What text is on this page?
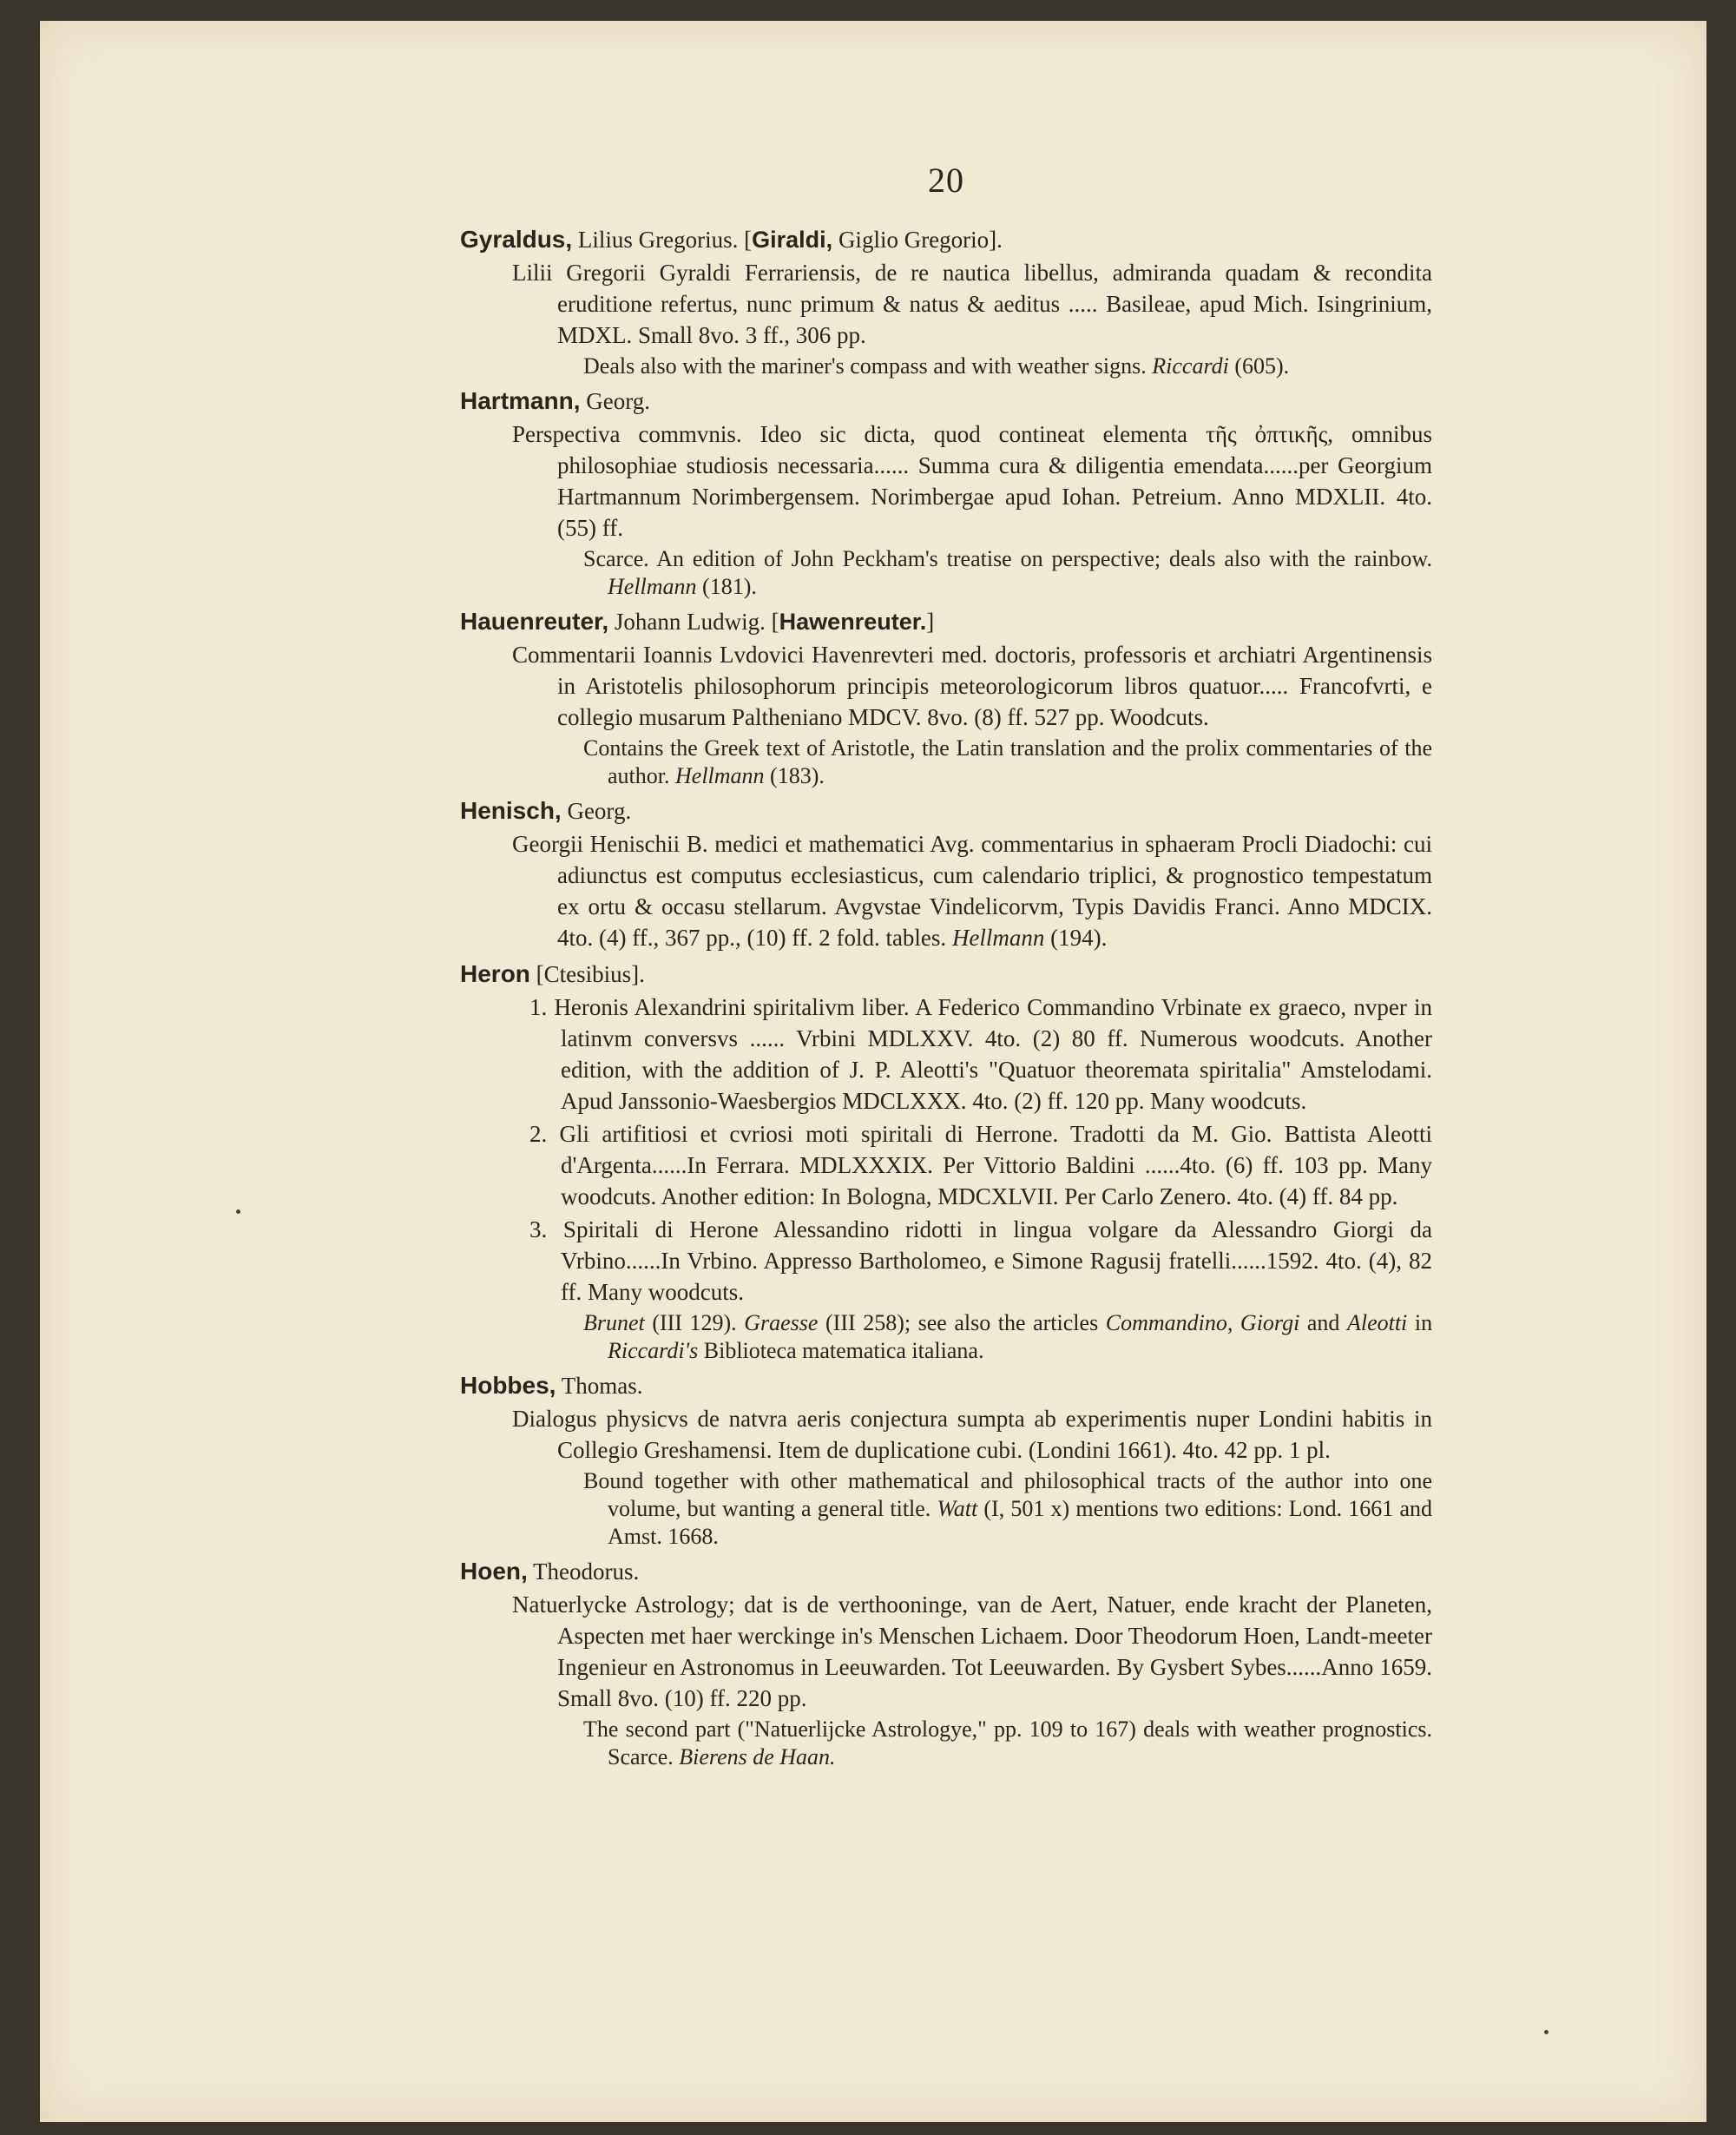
20

Gyraldus, Lilius Gregorius. [Giraldi, Giglio Gregorio].

Lilii Gregorii Gyraldi Ferrariensis, de re nautica libellus, admiranda quadam & recondita eruditione refertus, nunc primum & natus & aeditus ..... Basileae, apud Mich. Isingrinium, MDXL. Small 8vo. 3 ff., 306 pp.

Deals also with the mariner's compass and with weather signs. Riccardi (605).

Hartmann, Georg.

Perspectiva commvnis. Ideo sic dicta, quod contineat elementa τῆς ὀπτικῆς, omnibus philosophiae studiosis necessaria...... Summa cura & diligentia emendata......per Georgium Hartmannum Norimbergensem. Norimbergae apud Iohan. Petreium. Anno MDXLII. 4to. (55) ff.

Scarce. An edition of John Peckham's treatise on perspective; deals also with the rainbow. Hellmann (181).

Hauenreuter, Johann Ludwig. [Hawenreuter.]

Commentarii Ioannis Lvdovici Havenrevteri med. doctoris, professoris et archiatri Argentinensis in Aristotelis philosophorum principis meteorologicorum libros quatuor..... Francofvrti, e collegio musarum Paltheniano MDCV. 8vo. (8) ff. 527 pp. Woodcuts.

Contains the Greek text of Aristotle, the Latin translation and the prolix commentaries of the author. Hellmann (183).

Henisch, Georg.

Georgii Henischii B. medici et mathematici Avg. commentarius in sphaeram Procli Diadochi: cui adiunctus est computus ecclesiasticus, cum calendario triplici, & prognostico tempestatum ex ortu & occasu stellarum. Avgvstae Vindelicorvm, Typis Davidis Franci. Anno MDCIX. 4to. (4) ff., 367 pp., (10) ff. 2 fold. tables. Hellmann (194).

Heron [Ctesibius].

1. Heronis Alexandrini spiritalivm liber. A Federico Commandino Vrbinate ex graeco, nvper in latinvm conversvs ...... Vrbini MDLXXV. 4to. (2) 80 ff. Numerous woodcuts. Another edition, with the addition of J. P. Aleotti's "Quatuor theoremata spiritalia" Amstelodami. Apud Janssonio-Waesbergios MDCLXXX. 4to. (2) ff. 120 pp. Many woodcuts.

2. Gli artifitiosi et cvriosi moti spiritali di Herrone. Tradotti da M. Gio. Battista Aleotti d'Argenta......In Ferrara. MDLXXXIX. Per Vittorio Baldini ......4to. (6) ff. 103 pp. Many woodcuts. Another edition: In Bologna, MDCXLVII. Per Carlo Zenero. 4to. (4) ff. 84 pp.

3. Spiritali di Herone Alessandino ridotti in lingua volgare da Alessandro Giorgi da Vrbino......In Vrbino. Appresso Bartholomeo, e Simone Ragusij fratelli......1592. 4to. (4), 82 ff. Many woodcuts.

Brunet (III 129). Graesse (III 258); see also the articles Commandino, Giorgi and Aleotti in Riccardi's Biblioteca matematica italiana.

Hobbes, Thomas.

Dialogus physicvs de natvra aeris conjectura sumpta ab experimentis nuper Londini habitis in Collegio Greshamensi. Item de duplicatione cubi. (Londini 1661). 4to. 42 pp. 1 pl.

Bound together with other mathematical and philosophical tracts of the author into one volume, but wanting a general title. Watt (I, 501 x) mentions two editions: Lond. 1661 and Amst. 1668.

Hoen, Theodorus.

Natuerlycke Astrology; dat is de verthooninge, van de Aert, Natuer, ende kracht der Planeten, Aspecten met haer werckinge in's Menschen Lichaem. Door Theodorum Hoen, Landt-meeter Ingenieur en Astronomus in Leeuwarden. Tot Leeuwarden. By Gysbert Sybes......Anno 1659. Small 8vo. (10) ff. 220 pp.

The second part ("Natuerlijcke Astrologye," pp. 109 to 167) deals with weather prognostics. Scarce. Bierens de Haan.
